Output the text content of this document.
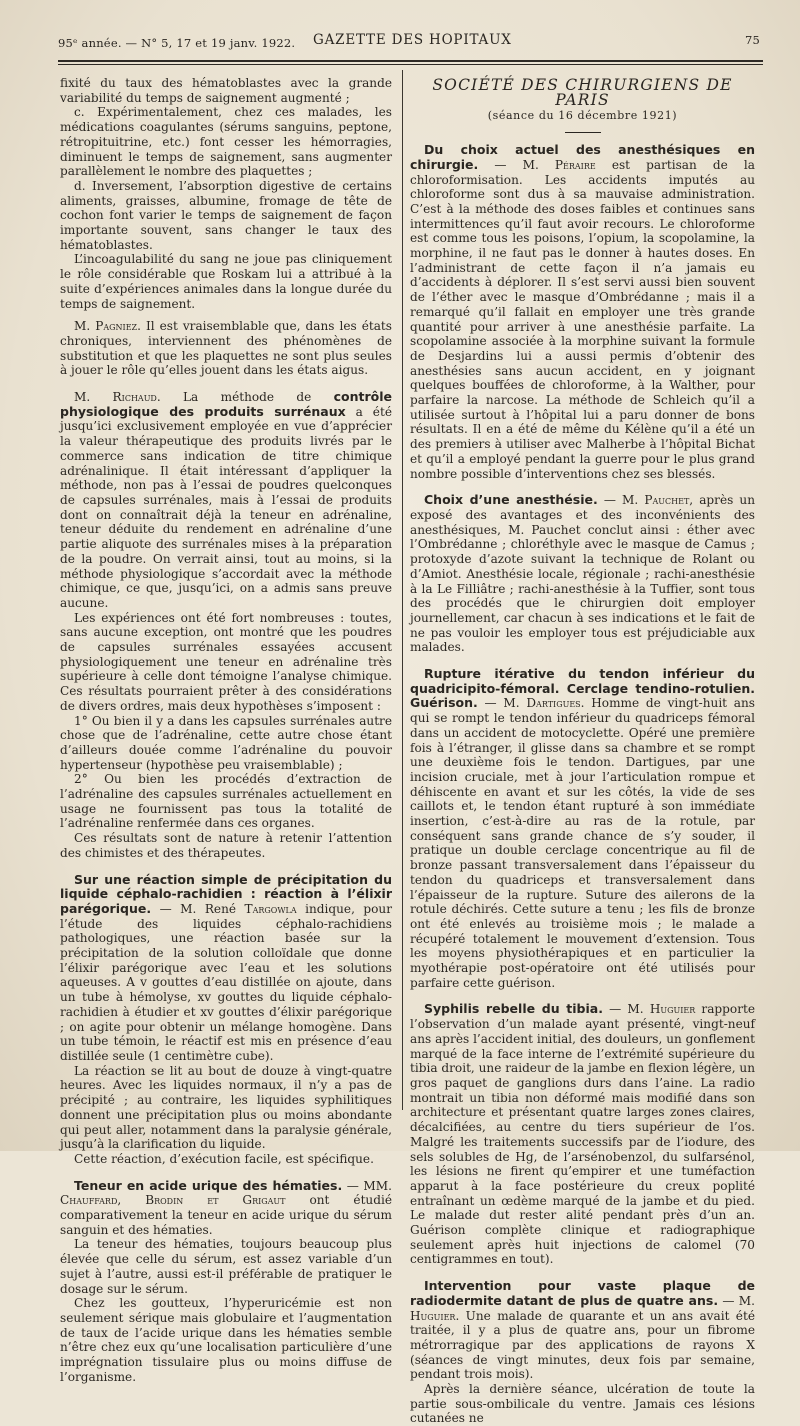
95ᵉ année. — N° 5, 17 et 19 janv. 1922. GAZETTE DES HOPITAUX	75

fixité du taux des hématoblastes avec la grande variabilité du temps de saignement augmenté ;

c. Expérimentalement, chez ces malades, les médications coagulantes (sérums sanguins, peptone, rétropituitrine, etc.) font cesser les hémorragies, diminuent le temps de saignement, sans augmenter parallèlement le nombre des plaquettes ;

d. Inversement, l’absorption digestive de certains aliments, graisses, albumine, fromage de tête de cochon font varier le temps de saignement de façon importante souvent, sans changer le taux des hématoblastes.

L’incoagulabilité du sang ne joue pas cliniquement le rôle considérable que Roskam lui a attribué à la suite d’expériences animales dans la longue durée du temps de saignement.

M. Pagniez. Il est vraisemblable que, dans les états chroniques, interviennent des phénomènes de substitution et que les plaquettes ne sont plus seules à jouer le rôle qu’elles jouent dans les états aigus.

M. Richaud. La méthode de contrôle physiologique des produits surrénaux a été jusqu’ici exclusivement employée en vue d’apprécier la valeur thérapeutique des produits livrés par le commerce sans indication de titre chimique adrénalinique. Il était intéressant d’appliquer la méthode, non pas à l’essai de poudres quelconques de capsules surrénales, mais à l’essai de produits dont on connaîtrait déjà la teneur en adrénaline, teneur déduite du rendement en adrénaline d’une partie aliquote des surrénales mises à la préparation de la poudre. On verrait ainsi, tout au moins, si la méthode physiologique s’accordait avec la méthode chimique, ce que, jusqu’ici, on a admis sans preuve aucune.

Les expériences ont été fort nombreuses : toutes, sans aucune exception, ont montré que les poudres de capsules surrénales essayées accusent physiologiquement une teneur en adrénaline très supérieure à celle dont témoigne l’analyse chimique. Ces résultats pourraient prêter à des considérations de divers ordres, mais deux hypothèses s’imposent :

1° Ou bien il y a dans les capsules surrénales autre chose que de l’adrénaline, cette autre chose étant d’ailleurs douée comme l’adrénaline du pouvoir hypertenseur (hypothèse peu vraisemblable) ;

2° Ou bien les procédés d’extraction de l’adrénaline des capsules surrénales actuellement en usage ne fournissent pas tous la totalité de l’adrénaline renfermée dans ces organes.

Ces résultats sont de nature à retenir l’attention des chimistes et des thérapeutes.

Sur une réaction simple de précipitation du liquide céphalo-rachidien : réaction à l’élixir parégorique. — M. René Targowla indique, pour l’étude des liquides céphalo-rachidiens pathologiques, une réaction basée sur la précipitation de la solution colloïdale que donne l’élixir parégorique avec l’eau et les solutions aqueuses. A v gouttes d’eau distillée on ajoute, dans un tube à hémolyse, xv gouttes du liquide céphalo-rachidien à étudier et xv gouttes d’élixir parégorique ; on agite pour obtenir un mélange homogène. Dans un tube témoin, le réactif est mis en présence d’eau distillée seule (1 centimètre cube).

La réaction se lit au bout de douze à vingt-quatre heures. Avec les liquides normaux, il n’y a pas de précipité ; au contraire, les liquides syphilitiques donnent une précipitation plus ou moins abondante qui peut aller, notamment dans la paralysie générale, jusqu’à la clarification du liquide.

Cette réaction, d’exécution facile, est spécifique.

Teneur en acide urique des hématies. — MM. Chauffard, Brodin et Grigaut ont étudié comparativement la teneur en acide urique du sérum sanguin et des hématies.

La teneur des hématies, toujours beaucoup plus élevée que celle du sérum, est assez variable d’un sujet à l’autre, aussi est-il préférable de pratiquer le dosage sur le sérum.

Chez les goutteux, l’hyperuricémie est non seulement sérique mais globulaire et l’augmentation de taux de l’acide urique dans les hématies semble n’être chez eux qu’une localisation particulière d’une imprégnation tissulaire plus ou moins diffuse de l’organisme.

SOCIÉTÉ DES CHIRURGIENS DE PARIS
(séance du 16 décembre 1921)

Du choix actuel des anesthésiques en chirurgie. — M. Péraire est partisan de la chloroformisation. Les accidents imputés au chloroforme sont dus à sa mauvaise administration. C’est à la méthode des doses faibles et continues sans intermittences qu’il faut avoir recours. Le chloroforme est comme tous les poisons, l’opium, la scopolamine, la morphine, il ne faut pas le donner à hautes doses. En l’administrant de cette façon il n’a jamais eu d’accidents à déplorer. Il s’est servi aussi bien souvent de l’éther avec le masque d’Ombrédanne ; mais il a remarqué qu’il fallait en employer une très grande quantité pour arriver à une anesthésie parfaite. La scopolamine associée à la morphine suivant la formule de Desjardins lui a aussi permis d’obtenir des anesthésies sans aucun accident, en y joignant quelques bouffées de chloroforme, à la Walther, pour parfaire la narcose. La méthode de Schleich qu’il a utilisée surtout à l’hôpital lui a paru donner de bons résultats. Il en a été de même du Kélène qu’il a été un des premiers à utiliser avec Malherbe à l’hôpital Bichat et qu’il a employé pendant la guerre pour le plus grand nombre possible d’interventions chez ses blessés.

Choix d’une anesthésie. — M. Pauchet, après un exposé des avantages et des inconvénients des anesthésiques, M. Pauchet conclut ainsi : éther avec l’Ombrédanne ; chloréthyle avec le masque de Camus ; protoxyde d’azote suivant la technique de Rolant ou d’Amiot. Anesthésie locale, régionale ; rachi-anesthésie à la Le Filliâtre ; rachi-anesthésie à la Tuffier, sont tous des procédés que le chirurgien doit employer journellement, car chacun à ses indications et le fait de ne pas vouloir les employer tous est préjudiciable aux malades.

Rupture itérative du tendon inférieur du quadricipito-fémoral. Cerclage tendino-rotulien. Guérison. — M. Dartigues. Homme de vingt-huit ans qui se rompt le tendon inférieur du quadriceps fémoral dans un accident de motocyclette. Opéré une première fois à l’étranger, il glisse dans sa chambre et se rompt une deuxième fois le tendon. Dartigues, par une incision cruciale, met à jour l’articulation rompue et déhiscente en avant et sur les côtés, la vide de ses caillots et, le tendon étant rupturé à son immédiate insertion, c’est-à-dire au ras de la rotule, par conséquent sans grande chance de s’y souder, il pratique un double cerclage concentrique au fil de bronze passant transversalement dans l’épaisseur du tendon du quadriceps et transversalement dans l’épaisseur de la rupture. Suture des ailerons de la rotule déchirés. Cette suture a tenu ; les fils de bronze ont été enlevés au troisième mois ; le malade a récupéré totalement le mouvement d’extension. Tous les moyens physiothérapiques et en particulier la myothérapie post-opératoire ont été utilisés pour parfaire cette guérison.

Syphilis rebelle du tibia. — M. Huguier rapporte l’observation d’un malade ayant présenté, vingt-neuf ans après l’accident initial, des douleurs, un gonflement marqué de la face interne de l’extrémité supérieure du tibia droit, une raideur de la jambe en flexion légère, un gros paquet de ganglions durs dans l’aine. La radio montrait un tibia non déformé mais modifié dans son architecture et présentant quatre larges zones claires, décalcifiées, au centre du tiers supérieur de l’os. Malgré les traitements successifs par de l’iodure, des sels solubles de Hg, de l’arsénobenzol, du sulfarsénol, les lésions ne firent qu’empirer et une tuméfaction apparut à la face postérieure du creux poplité entraînant un œdème marqué de la jambe et du pied. Le malade dut rester alité pendant près d’un an. Guérison complète clinique et radiographique seulement après huit injections de calomel (70 centigrammes en tout).

Intervention pour vaste plaque de radiodermite datant de plus de quatre ans. — M. Huguier. Une malade de quarante et un ans avait été traitée, il y a plus de quatre ans, pour un fibrome métrorragique par des applications de rayons X (séances de vingt minutes, deux fois par semaine, pendant trois mois).

Après la dernière séance, ulcération de toute la partie sous-ombilicale du ventre. Jamais ces lésions cutanées ne
